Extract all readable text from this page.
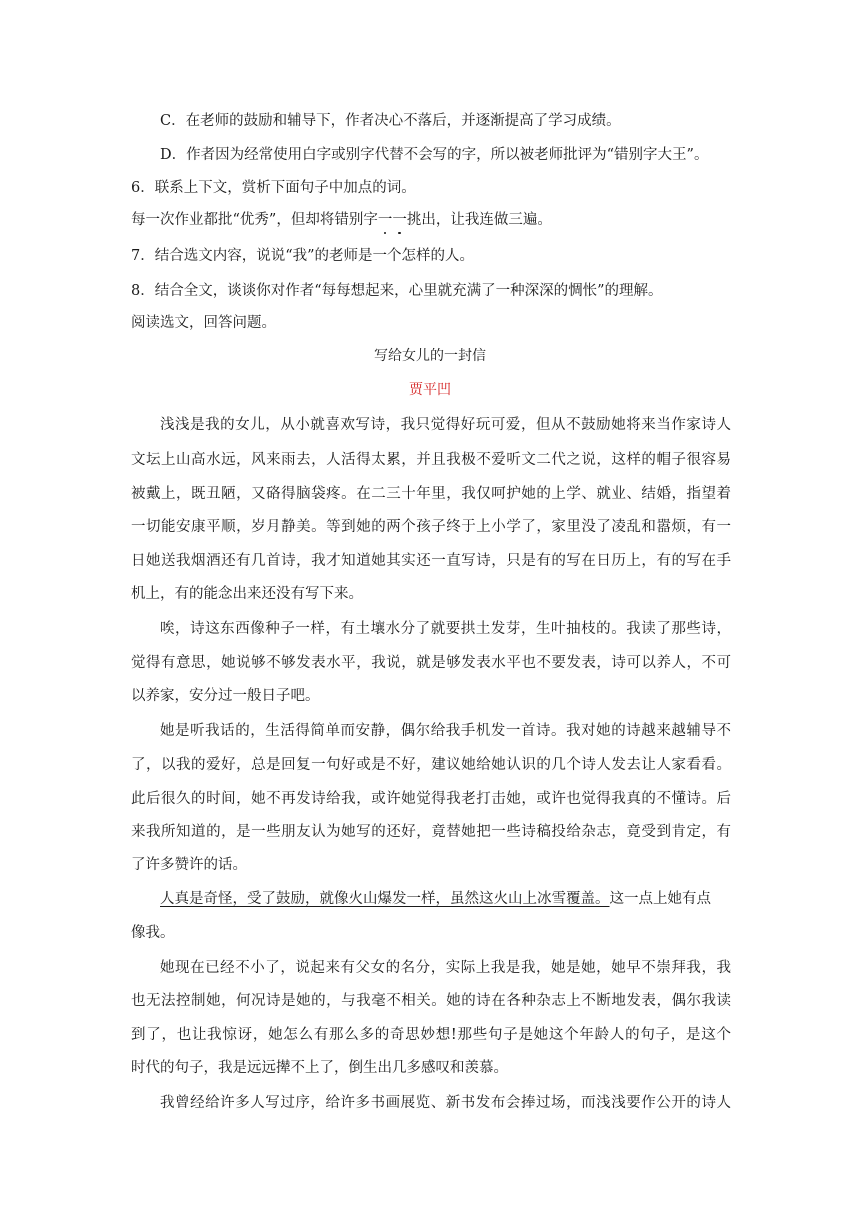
C．在老师的鼓励和辅导下，作者决心不落后，并逐渐提高了学习成绩。
D．作者因为经常使用白字或别字代替不会写的字，所以被老师批评为“错别字大王”。
6．联系上下文，赏析下面句子中加点的词。
每一次作业都批“优秀”，但却将错别字一一挑出，让我连做三遍。
7．结合选文内容，说说“我”的老师是一个怎样的人。
8．结合全文，谈谈你对作者“每每想起来，心里就充满了一种深深的惆怅”的理解。
阅读选文，回答问题。
写给女儿的一封信
贾平凹
浅浅是我的女儿，从小就喜欢写诗，我只觉得好玩可爱，但从不鼓励她将来当作家诗人
文坛上山高水远，风来雨去，人活得太累，并且我极不爱听文二代之说，这样的帽子很容易
被戴上，既丑陋，又硌得脑袋疼。在二三十年里，我仅呵护她的上学、就业、结婚，指望着
一切能安康平顺，岁月静美。等到她的两个孩子终于上小学了，家里没了凌乱和嚣烦，有一
日她送我烟酒还有几首诗，我才知道她其实还一直写诗，只是有的写在日历上，有的写在手
机上，有的能念出来还没有写下来。
唉，诗这东西像种子一样，有土壤水分了就要拱土发芽，生叶抽枝的。我读了那些诗，
觉得有意思，她说够不够发表水平，我说，就是够发表水平也不要发表，诗可以养人，不可
以养家，安分过一般日子吧。
她是听我话的，生活得简单而安静，偶尔给我手机发一首诗。我对她的诗越来越辅导不
了，以我的爱好，总是回复一句好或是不好，建议她给她认识的几个诗人发去让人家看看。
此后很久的时间，她不再发诗给我，或许她觉得我老打击她，或许也觉得我真的不懂诗。后
来我所知道的，是一些朋友认为她写的还好，竟替她把一些诗稿投给杂志，竟受到肯定，有
了许多赞许的话。
人真是奇怪，受了鼓励，就像火山爆发一样，虽然这火山上冰雪覆盖。这一点上她有点
像我。
她现在已经不小了，说起来有父女的名分，实际上我是我，她是她，她早不崇拜我，我
也无法控制她，何况诗是她的，与我毫不相关。她的诗在各种杂志上不断地发表，偶尔我读
到了，也让我惊讶，她怎么有那么多的奇思妙想!那些句子是她这个年龄人的句子，是这个
时代的句子，我是远远撵不上了，倒生出几多感叹和羡慕。
我曾经给许多人写过序，给许多书画展览、新书发布会捧过场，而浅浅要作公开的诗人
